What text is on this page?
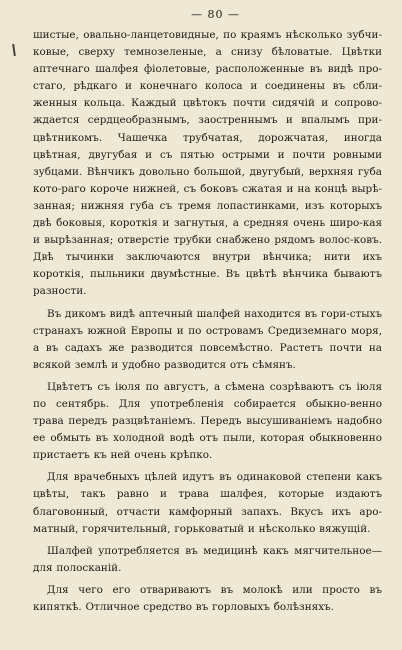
— 80 —

шистые, овально-ланцетовидные, по краямъ нѣсколько зубчи-ковые, сверху темнозеленые, а снизу бѣловатые. Цвѣтки аптечнаго шалфея фіолетовые, расположенные въ видѣ про-стаго, рѣдкаго и конечнаго колоса и соединены въ сбли-женныя кольца. Каждый цвѣтокъ почти сидячій и сопрово-ждается сердцеобразнымъ, заостреннымъ и впалымъ при-цвѣтникомъ. Чашечка трубчатая, дорожчатая, иногда цвѣтная, двугубая и съ пятью острыми и почти ровными зубцами. Вѣнчикъ довольно большой, двугубый, верхняя губа кото-раго короче нижней, съ боковъ сжатая и на концѣ вырѣ-занная; нижняя губа съ тремя лопастинками, изъ которыхъ двѣ боковыя, короткія и загнутыя, а средняя очень широ-кая и вырѣзанная; отверстіе трубки снабжено рядомъ волос-ковъ. Двѣ тычинки заключаются внутри вѣнчика; нити ихъ короткія, пыльники двумѣстные. Въ цвѣтѣ вѣнчика бываютъ разности.

Въ дикомъ видѣ аптечный шалфей находится въ гори-стыхъ странахъ южной Европы и по островамъ Средиземнаго моря, а въ садахъ же разводится повсемѣстно. Растетъ почти на всякой землѣ и удобно разводится отъ сѣмянъ.

Цвѣтетъ съ іюля по августъ, а сѣмена созрѣваютъ съ іюля по сентябрь. Для употребленія собирается обыкно-венно трава передъ разцвѣтаніемъ. Передъ высушиваніемъ надобно ее обмыть въ холодной водѣ отъ пыли, которая обыкновенно пристаетъ къ ней очень крѣпко.

Для врачебныхъ цѣлей идутъ въ одинаковой степени какъ цвѣты, такъ равно и трава шалфея, которые издаютъ благовонный, отчасти камфорный запахъ. Вкусъ ихъ аро-матный, горячительный, горьковатый и нѣсколько вяжущій.

Шалфей употребляется въ медицинѣ какъ мягчительное— для полосканій.

Для чего его отвариваютъ въ молокѣ или просто въ кипяткѣ. Отличное средство въ горловыхъ болѣзняхъ.
